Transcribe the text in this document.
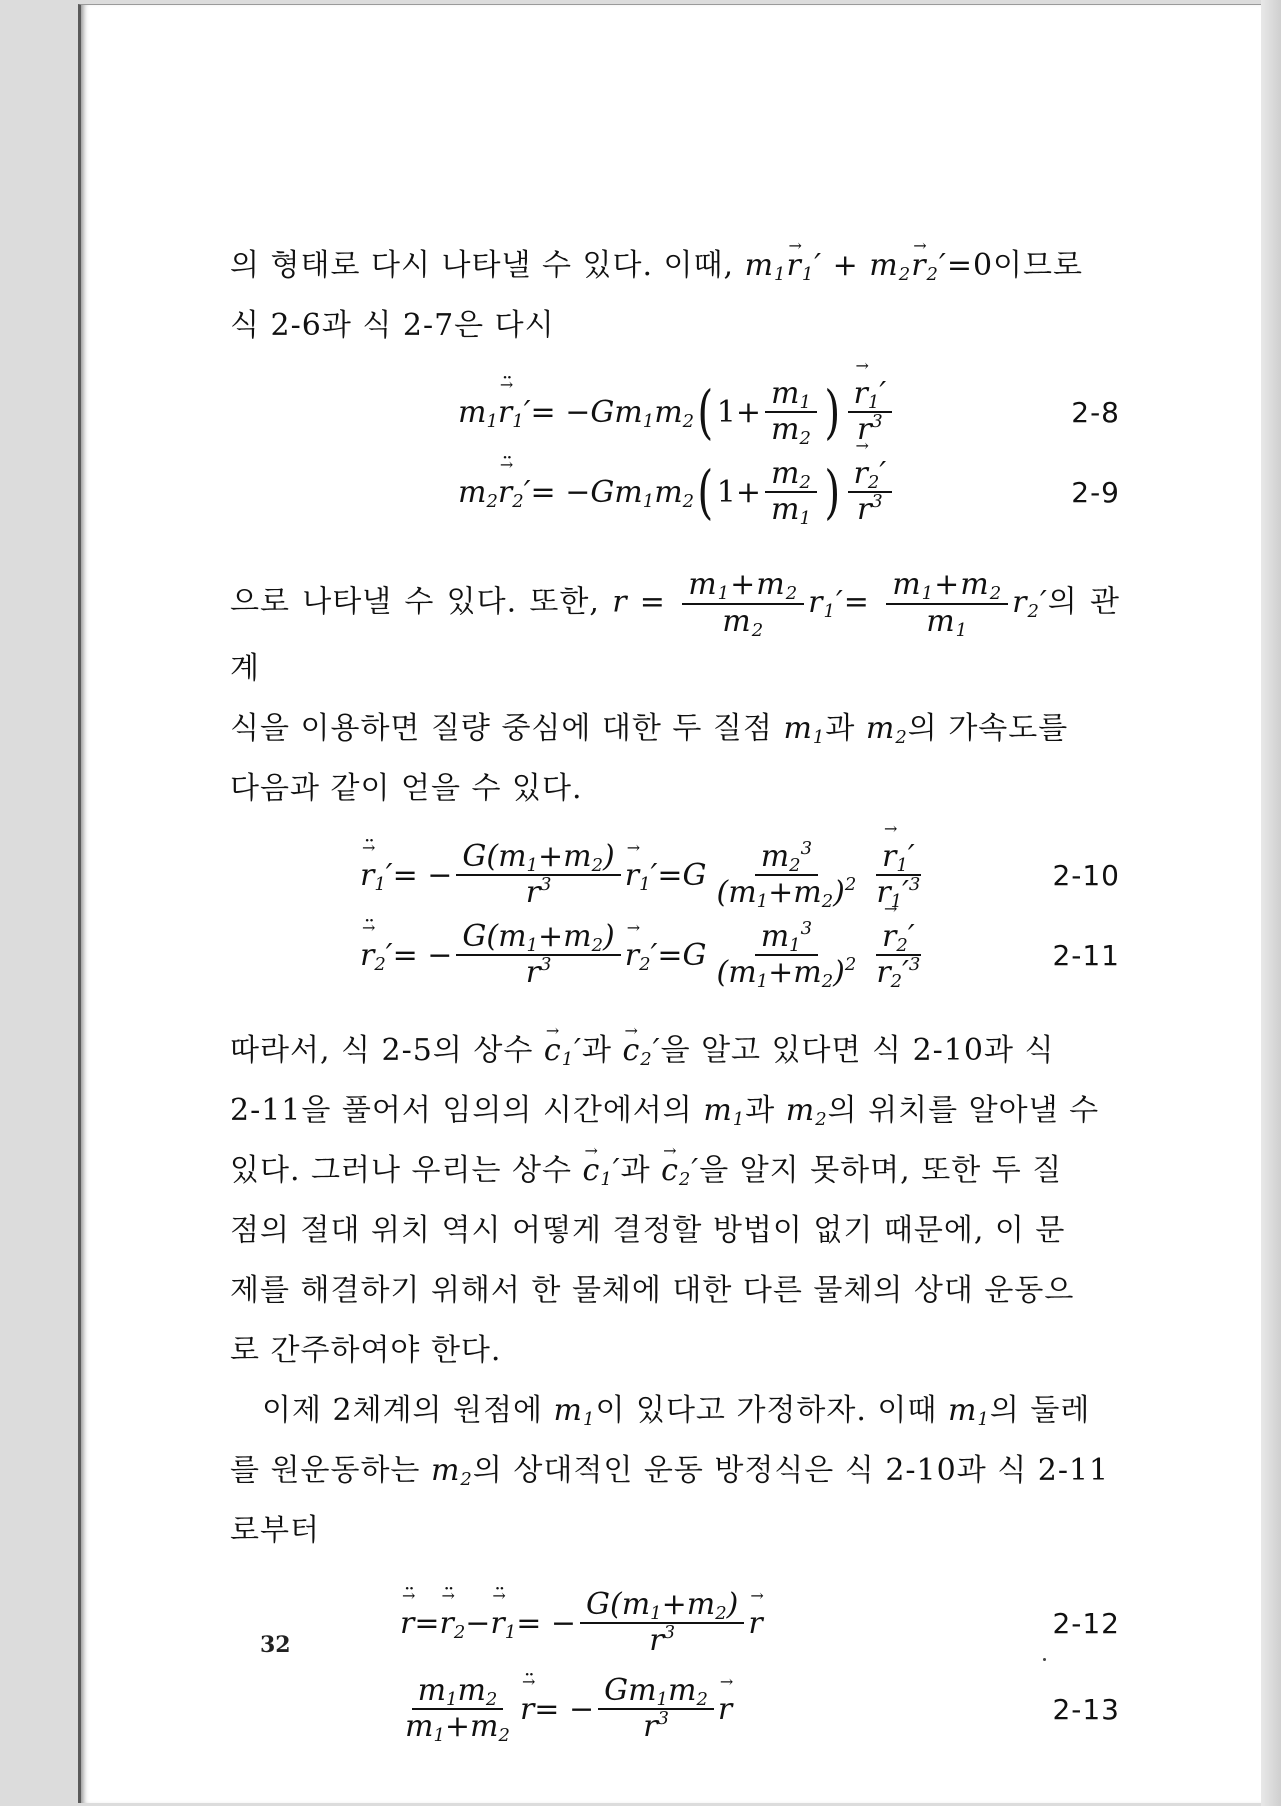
의 형태로 다시 나타낼 수 있다. 이때, $m_1\to r_1' + m_2\to r_2'=0$이므로
식 2-6과 식 2-7은 다시

$m_1$
→ $r_1'$ ·· = − $Gm_1m_2$ ( $1+ \frac{m_1}{m_2}$ )
→ $\frac{r_1'}{r^3}$	2-8
$m_2$
→ $r_2'$ ·· = − $Gm_1m_2$ ( $1+ \frac{m_2}{m_1}$ )
→ $\frac{r_2'}{r^3}$	2-9

으로 나타낼 수 있다. 또한, $r = \frac{m_1+m_2}{m_2} r_1'= \frac{m_1+m_2}{m_1} r_2'$의 관계
식을 이용하면 질량 중심에 대한 두 질점 $m_1$과 $m_2$의 가속도를
다음과 같이 얻을 수 있다.

→ $r_1'$ ·· = − $\frac{G(m_1+m_2)}{r^3}$
→ $r_1' = G \frac{m_2^3}{(m_1+m_2)^2}$
→ $\frac{r_1'}{r_1'^3}$	2-10
→ $r_2'$ ·· = − $\frac{G(m_1+m_2)}{r^3}$
→ $r_2' = G \frac{m_1^3}{(m_1+m_2)^2}$
→ $\frac{r_2'}{r_2'^3}$	2-11

따라서, 식 2-5의 상수 → $c_1'$과 → $c_2'$을 알고 있다면 식 2-10과 식
2-11을 풀어서 임의의 시간에서의 $m_1$과 $m_2$의 위치를 알아낼 수
있다. 그러나 우리는 상수 → $c_1'$과 → $c_2'$을 알지 못하며, 또한 두 질
점의 절대 위치 역시 어떻게 결정할 방법이 없기 때문에, 이 문
제를 해결하기 위해서 한 물체에 대한 다른 물체의 상대 운동으
로 간주하여야 한다.

이제 2체계의 원점에 $m_1$이 있다고 가정하자. 이때 $m_1$의 둘레
를 원운동하는 $m_2$의 상대적인 운동 방정식은 식 2-10과 식 2-11
로부터

→ r ·· =
→ $r_2$ ·· −
→ $r_1$ ·· = − $\frac{G(m_1+m_2)}{r^3}$
→ r	2-12
$\frac{m_1m_2}{m_1+m_2}$
→ r ·· = − $\frac{Gm_1m_2}{r^3}$
→ r	2-13
32
